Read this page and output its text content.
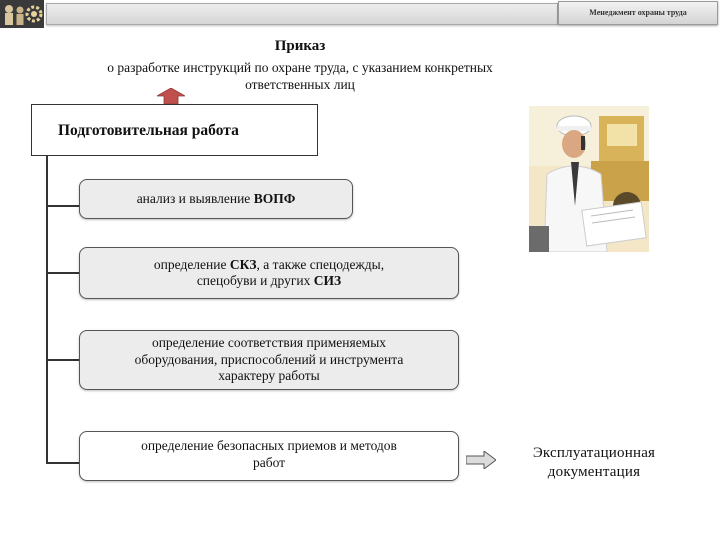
Менеджмент охраны труда
Приказ
о разработке инструкций по охране труда, с указанием конкретных
ответственных лиц
Подготовительная работа
анализ и выявление ВОПФ
определение СКЗ, а также спецодежды,
спецобуви и других СИЗ
определение соответствия применяемых
оборудования, приспособлений и инструмента
характеру работы
определение безопасных приемов и методов
работ
Эксплуатационная
документация
